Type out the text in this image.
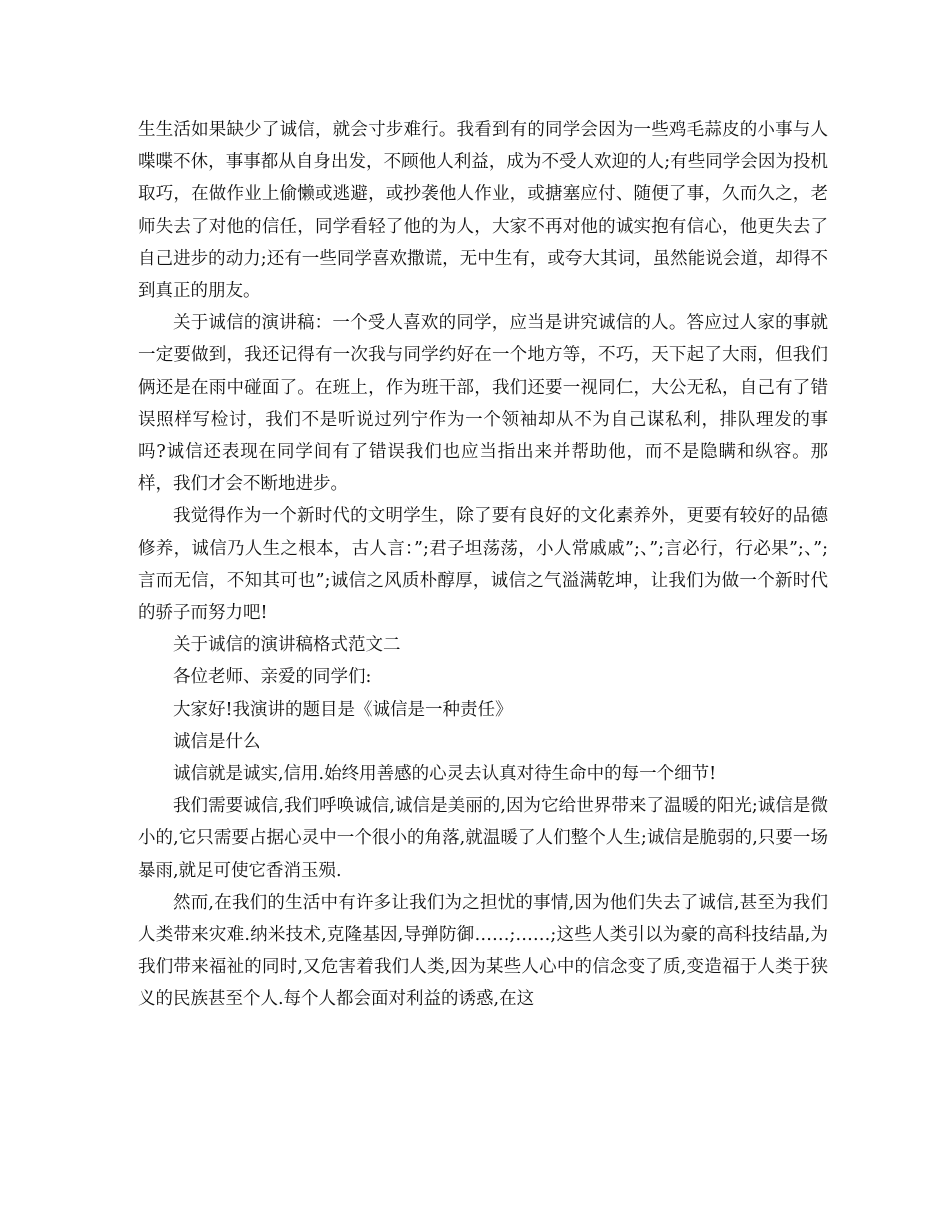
生生活如果缺少了诚信，就会寸步难行。我看到有的同学会因为一些鸡毛蒜皮的小事与人喋喋不休，事事都从自身出发，不顾他人利益，成为不受人欢迎的人;有些同学会因为投机取巧，在做作业上偷懒或逃避，或抄袭他人作业，或搪塞应付、随便了事，久而久之，老师失去了对他的信任，同学看轻了他的为人，大家不再对他的诚实抱有信心，他更失去了自己进步的动力;还有一些同学喜欢撒谎，无中生有，或夸大其词，虽然能说会道，却得不到真正的朋友。

关于诚信的演讲稿：一个受人喜欢的同学，应当是讲究诚信的人。答应过人家的事就一定要做到，我还记得有一次我与同学约好在一个地方等，不巧，天下起了大雨，但我们俩还是在雨中碰面了。在班上，作为班干部，我们还要一视同仁，大公无私，自己有了错误照样写检讨，我们不是听说过列宁作为一个领袖却从不为自己谋私利，排队理发的事吗?诚信还表现在同学间有了错误我们也应当指出来并帮助他，而不是隐瞒和纵容。那样，我们才会不断地进步。

我觉得作为一个新时代的文明学生，除了要有良好的文化素养外，更要有较好的品德修养，诚信乃人生之根本，古人言：”;君子坦荡荡，小人常戚戚”;、”;言必行，行必果”;、”;言而无信，不知其可也”;诚信之风质朴醇厚，诚信之气溢满乾坤，让我们为做一个新时代的骄子而努力吧!

关于诚信的演讲稿格式范文二

各位老师、亲爱的同学们:

大家好!我演讲的题目是《诚信是一种责任》

诚信是什么

诚信就是诚实,信用.始终用善感的心灵去认真对待生命中的每一个细节!

我们需要诚信,我们呼唤诚信,诚信是美丽的,因为它给世界带来了温暖的阳光;诚信是微小的,它只需要占据心灵中一个很小的角落,就温暖了人们整个人生;诚信是脆弱的,只要一场暴雨,就足可使它香消玉殒.

然而,在我们的生活中有许多让我们为之担忧的事情,因为他们失去了诚信,甚至为我们人类带来灾难.纳米技术,克隆基因,导弹防御……;……;这些人类引以为豪的高科技结晶,为我们带来福祉的同时,又危害着我们人类,因为某些人心中的信念变了质,变造福于人类于狭义的民族甚至个人.每个人都会面对利益的诱惑,在这
